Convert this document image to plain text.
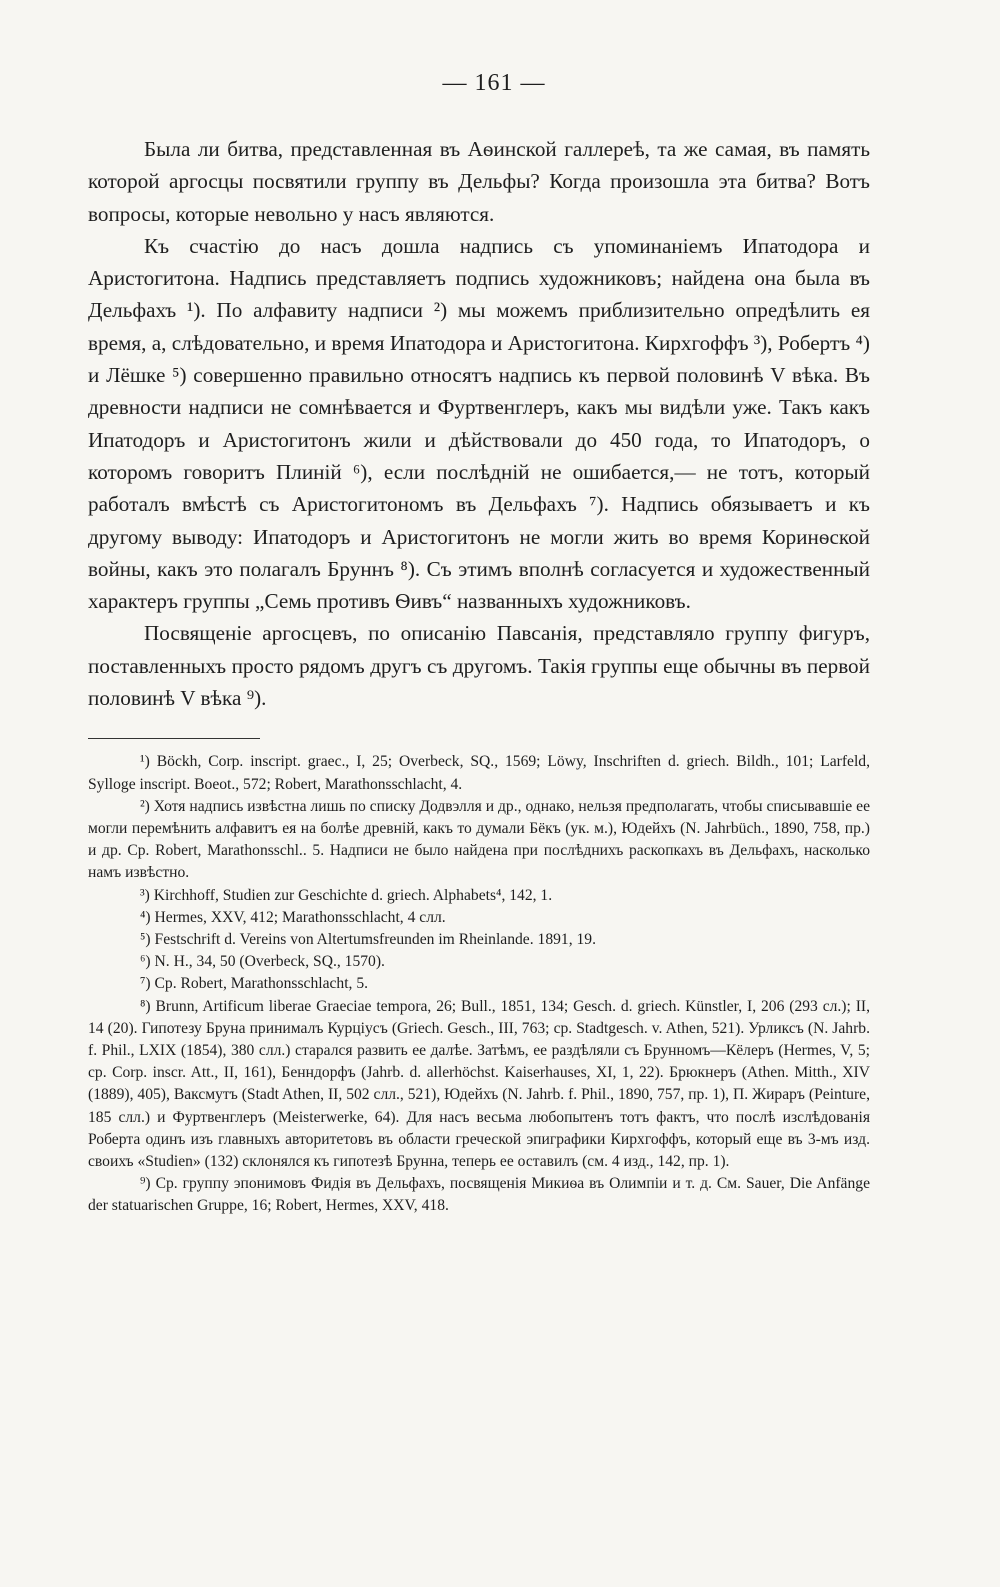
— 161 —

Была ли битва, представленная въ Аѳинской галлереѣ, та же самая, въ память которой аргосцы посвятили группу въ Дельфы? Когда произошла эта битва? Вотъ вопросы, которые невольно у насъ являются.

Къ счастію до насъ дошла надпись съ упоминаніемъ Ипатодора и Аристогитона. Надпись представляетъ подпись художниковъ; найдена она была въ Дельфахъ ¹). По алфавиту надписи ²) мы можемъ приблизительно опредѣлить ея время, а, слѣдовательно, и время Ипатодора и Аристогитона. Кирхгоффъ ³), Робертъ ⁴) и Лёшке ⁵) совершенно правильно относятъ надпись къ первой половинѣ V вѣка. Въ древности надписи не сомнѣвается и Фуртвенглеръ, какъ мы видѣли уже. Такъ какъ Ипатодоръ и Аристогитонъ жили и дѣйствовали до 450 года, то Ипатодоръ, о которомъ говоритъ Плиній ⁶), если послѣдній не ошибается,— не тотъ, который работалъ вмѣстѣ съ Аристогитономъ въ Дельфахъ ⁷). Надпись обязываетъ и къ другому выводу: Ипатодоръ и Аристогитонъ не могли жить во время Коринѳской войны, какъ это полагалъ Бруннъ ⁸). Съ этимъ вполнѣ согласуется и художественный характеръ группы „Семь противъ Ѳивъ“ названныхъ художниковъ.

Посвященіе аргосцевъ, по описанію Павсанія, представляло группу фигуръ, поставленныхъ просто рядомъ другъ съ другомъ. Такія группы еще обычны въ первой половинѣ V вѣка ⁹).

¹) Böckh, Corp. inscript. graec., I, 25; Overbeck, SQ., 1569; Löwy, Inschriften d. griech. Bildh., 101; Larfeld, Sylloge inscript. Boeot., 572; Robert, Marathonsschlacht, 4.

²) Хотя надпись извѣстна лишь по списку Додвэлля и др., однако, нельзя предполагать, чтобы списывавшіе ее могли перемѣнить алфавитъ ея на болѣе древній, какъ то думали Бёкъ (ук. м.), Юдейхъ (N. Jahrbüch., 1890, 758, пр.) и др. Ср. Robert, Marathonsschl.. 5. Надписи не было найдена при послѣднихъ раскопкахъ въ Дельфахъ, насколько намъ извѣстно.

³) Kirchhoff, Studien zur Geschichte d. griech. Alphabets⁴, 142, 1.

⁴) Hermes, XXV, 412; Marathonsschlacht, 4 слл.

⁵) Festschrift d. Vereins von Altertumsfreunden im Rheinlande. 1891, 19.

⁶) N. H., 34, 50 (Overbeck, SQ., 1570).

⁷) Ср. Robert, Marathonsschlacht, 5.

⁸) Brunn, Artificum liberae Graeciae tempora, 26; Bull., 1851, 134; Gesch. d. griech. Künstler, I, 206 (293 сл.); II, 14 (20). Гипотезу Бруна принималъ Курціусъ (Griech. Gesch., III, 763; ср. Stadtgesch. v. Athen, 521). Урликсъ (N. Jahrb. f. Phil., LXIX (1854), 380 слл.) старался развить ее далѣе. Затѣмъ, ее раздѣляли съ Брунномъ—Кёлеръ (Hermes, V, 5; ср. Corp. inscr. Att., II, 161), Бенндорфъ (Jahrb. d. allerhöchst. Kaiserhauses, XI, 1, 22). Брюкнеръ (Athen. Mitth., XIV (1889), 405), Ваксмутъ (Stadt Athen, II, 502 слл., 521), Юдейхъ (N. Jahrb. f. Phil., 1890, 757, пр. 1), П. Жираръ (Peinture, 185 слл.) и Фуртвенглеръ (Meisterwerke, 64). Для насъ весьма любопытенъ тотъ фактъ, что послѣ изслѣдованія Роберта одинъ изъ главныхъ авторитетовъ въ области греческой эпиграфики Кирхгоффъ, который еще въ 3-мъ изд. своихъ «Studien» (132) склонялся къ гипотезѣ Брунна, теперь ее оставилъ (см. 4 изд., 142, пр. 1).

⁹) Ср. группу эпонимовъ Фидія въ Дельфахъ, посвященія Микиѳа въ Олимпіи и т. д. См. Sauer, Die Anfänge der statuarischen Gruppe, 16; Robert, Hermes, XXV, 418.
